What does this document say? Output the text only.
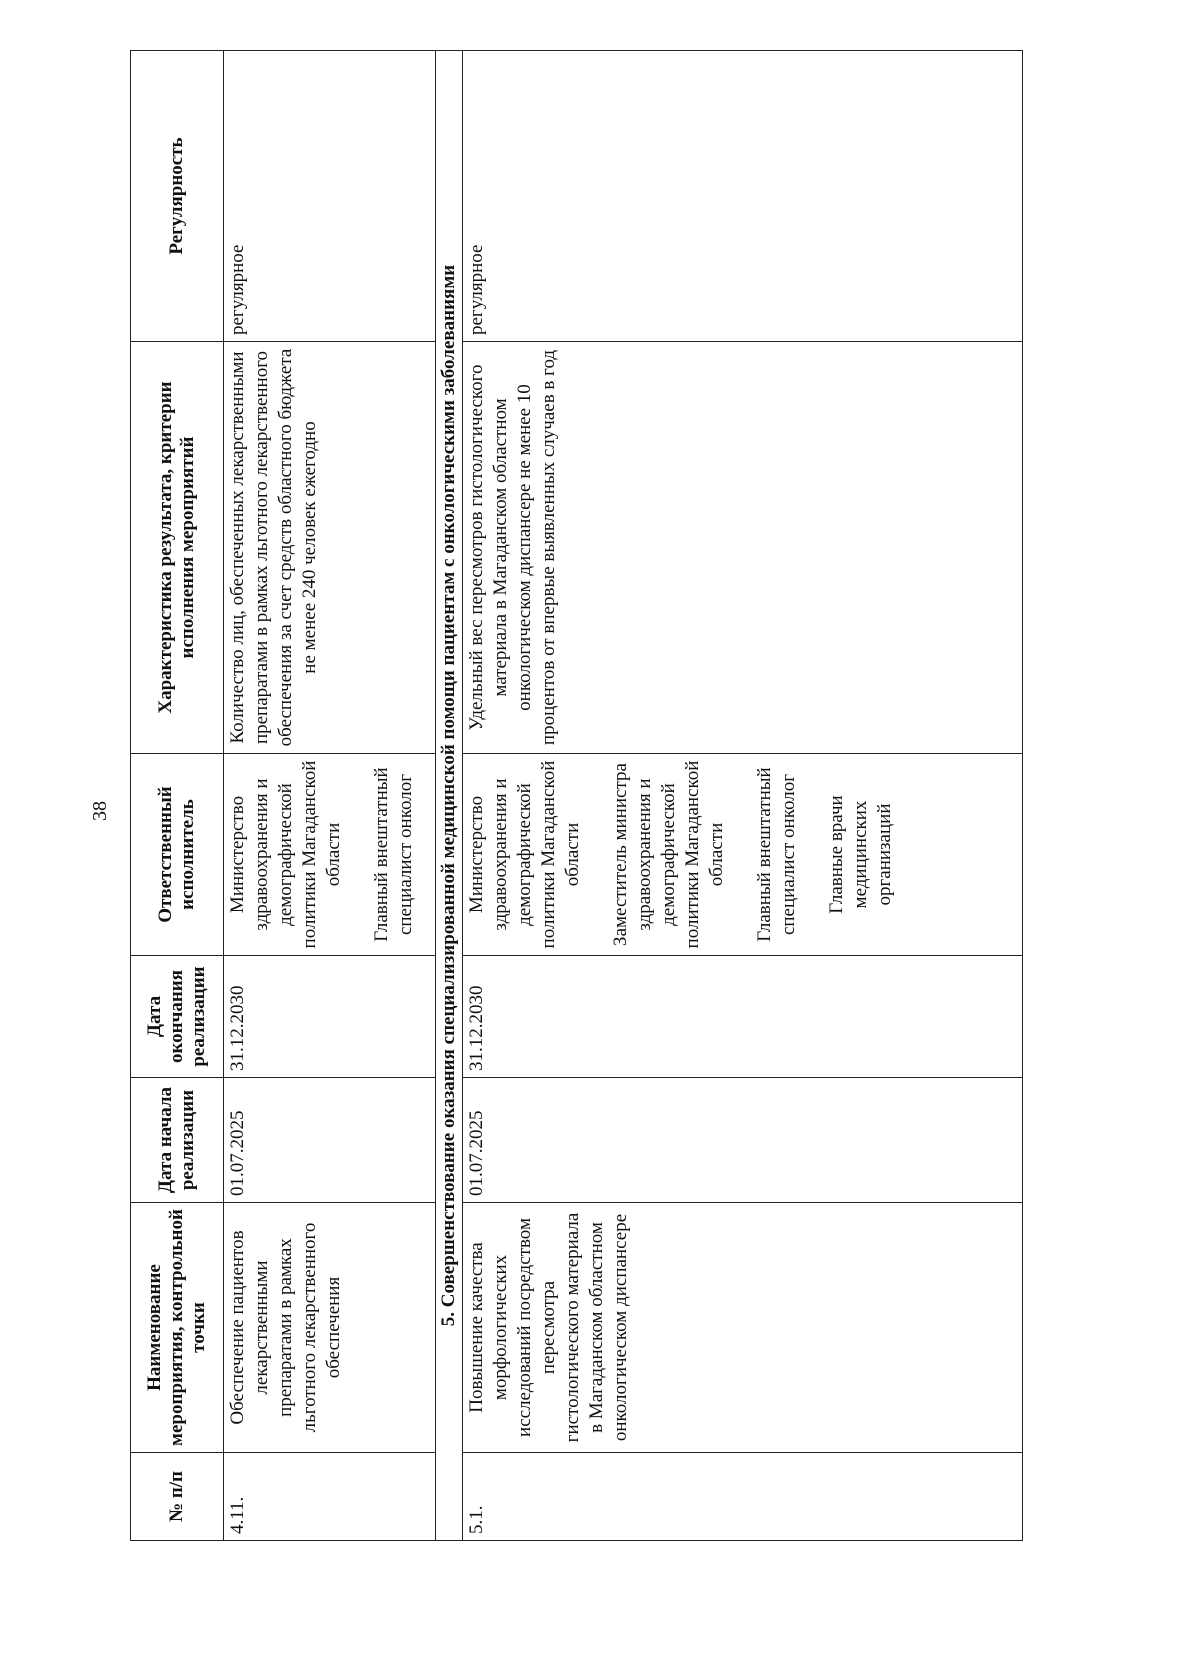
38
№ п/п	Наименование мероприятия, контрольной точки	Дата начала реализации	Дата окончания реализации	Ответственный исполнитель	Характеристика результата, критерии исполнения мероприятий	Регулярность
4.11.	Обеспечение пациентов лекарственными препаратами в рамках льготного лекарственного обеспечения	01.07.2025	31.12.2030	Министерство здравоохранения и демографической политики Магаданской области Главный внештатный специалист онколог	Количество лиц, обеспеченных лекарственными препаратами в рамках льготного лекарственного обеспечения за счет средств областного бюджета не менее 240 человек ежегодно	регулярное
5. Совершенствование оказания специализированной медицинской помощи пациентам с онкологическими заболеваниями						
5.1.	Повышение качества морфологических исследований посредством пересмотра гистологического материала в Магаданском областном онкологическом диспансере	01.07.2025	31.12.2030	Министерство здравоохранения и демографической политики Магаданской области Заместитель министра здравоохранения и демографической политики Магаданской области Главный внештатный специалист онколог Главные врачи медицинских организаций	Удельный вес пересмотров гистологического материала в Магаданском областном онкологическом диспансере не менее 10 процентов от впервые выявленных случаев в год	регулярное
